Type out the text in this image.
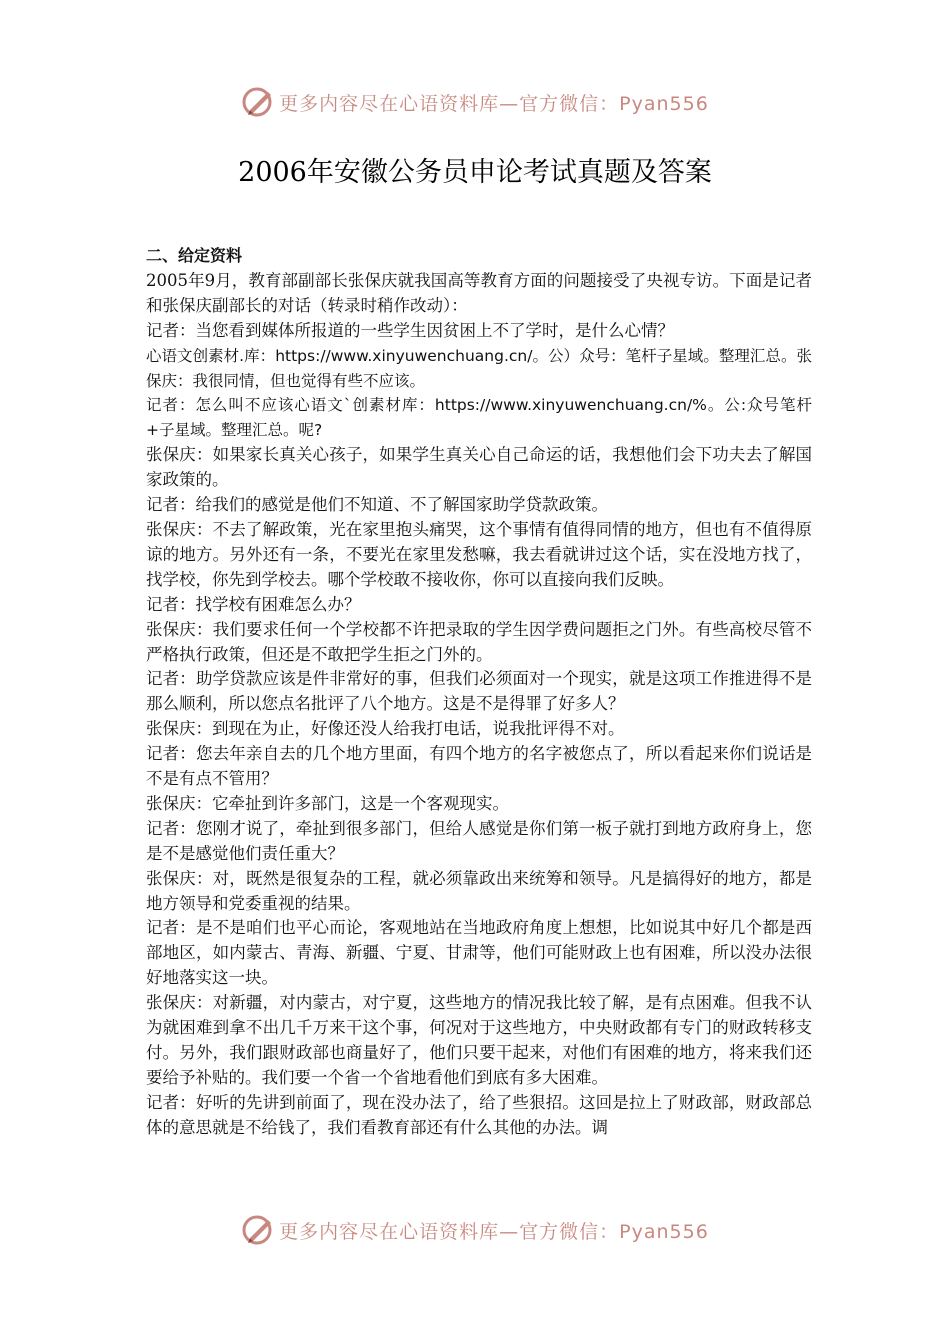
更多内容尽在心语资料库—官方微信：Pyan556
2006年安徽公务员申论考试真题及答案

二、给定资料

2005年9月，教育部副部长张保庆就我国高等教育方面的问题接受了央视专访。下面是记者和张保庆副部长的对话（转录时稍作改动）：

记者：当您看到媒体所报道的一些学生因贫困上不了学时，是什么心情？

心语文创素材.库：https://www.xinyuwenchuang.cn/。公）众号：笔杆子星域。整理汇总。张保庆：我很同情，但也觉得有些不应该。

记者：怎么叫不应该心语文`创素材库：https://www.xinyuwenchuang.cn/%。公:众号笔杆+子星域。整理汇总。呢?

张保庆：如果家长真关心孩子，如果学生真关心自己命运的话，我想他们会下功夫去了解国家政策的。

记者：给我们的感觉是他们不知道、不了解国家助学贷款政策。

张保庆：不去了解政策，光在家里抱头痛哭，这个事情有值得同情的地方，但也有不值得原谅的地方。另外还有一条，不要光在家里发愁嘛，我去看就讲过这个话，实在没地方找了，找学校，你先到学校去。哪个学校敢不接收你，你可以直接向我们反映。

记者：找学校有困难怎么办？

张保庆：我们要求任何一个学校都不许把录取的学生因学费问题拒之门外。有些高校尽管不严格执行政策，但还是不敢把学生拒之门外的。

记者：助学贷款应该是件非常好的事，但我们必须面对一个现实，就是这项工作推进得不是那么顺利，所以您点名批评了八个地方。这是不是得罪了好多人？

张保庆：到现在为止，好像还没人给我打电话，说我批评得不对。

记者：您去年亲自去的几个地方里面，有四个地方的名字被您点了，所以看起来你们说话是不是有点不管用？

张保庆：它牵扯到许多部门，这是一个客观现实。

记者：您刚才说了，牵扯到很多部门，但给人感觉是你们第一板子就打到地方政府身上，您是不是感觉他们责任重大？

张保庆：对，既然是很复杂的工程，就必须靠政出来统筹和领导。凡是搞得好的地方，都是地方领导和党委重视的结果。

记者：是不是咱们也平心而论，客观地站在当地政府角度上想想，比如说其中好几个都是西部地区，如内蒙古、青海、新疆、宁夏、甘肃等，他们可能财政上也有困难，所以没办法很好地落实这一块。

张保庆：对新疆，对内蒙古，对宁夏，这些地方的情况我比较了解，是有点困难。但我不认为就困难到拿不出几千万来干这个事，何况对于这些地方，中央财政都有专门的财政转移支付。另外，我们跟财政部也商量好了，他们只要干起来，对他们有困难的地方，将来我们还要给予补贴的。我们要一个省一个省地看他们到底有多大困难。

记者：好听的先讲到前面了，现在没办法了，给了些狠招。这回是拉上了财政部，财政部总体的意思就是不给钱了，我们看教育部还有什么其他的办法。调

更多内容尽在心语资料库—官方微信：Pyan556
